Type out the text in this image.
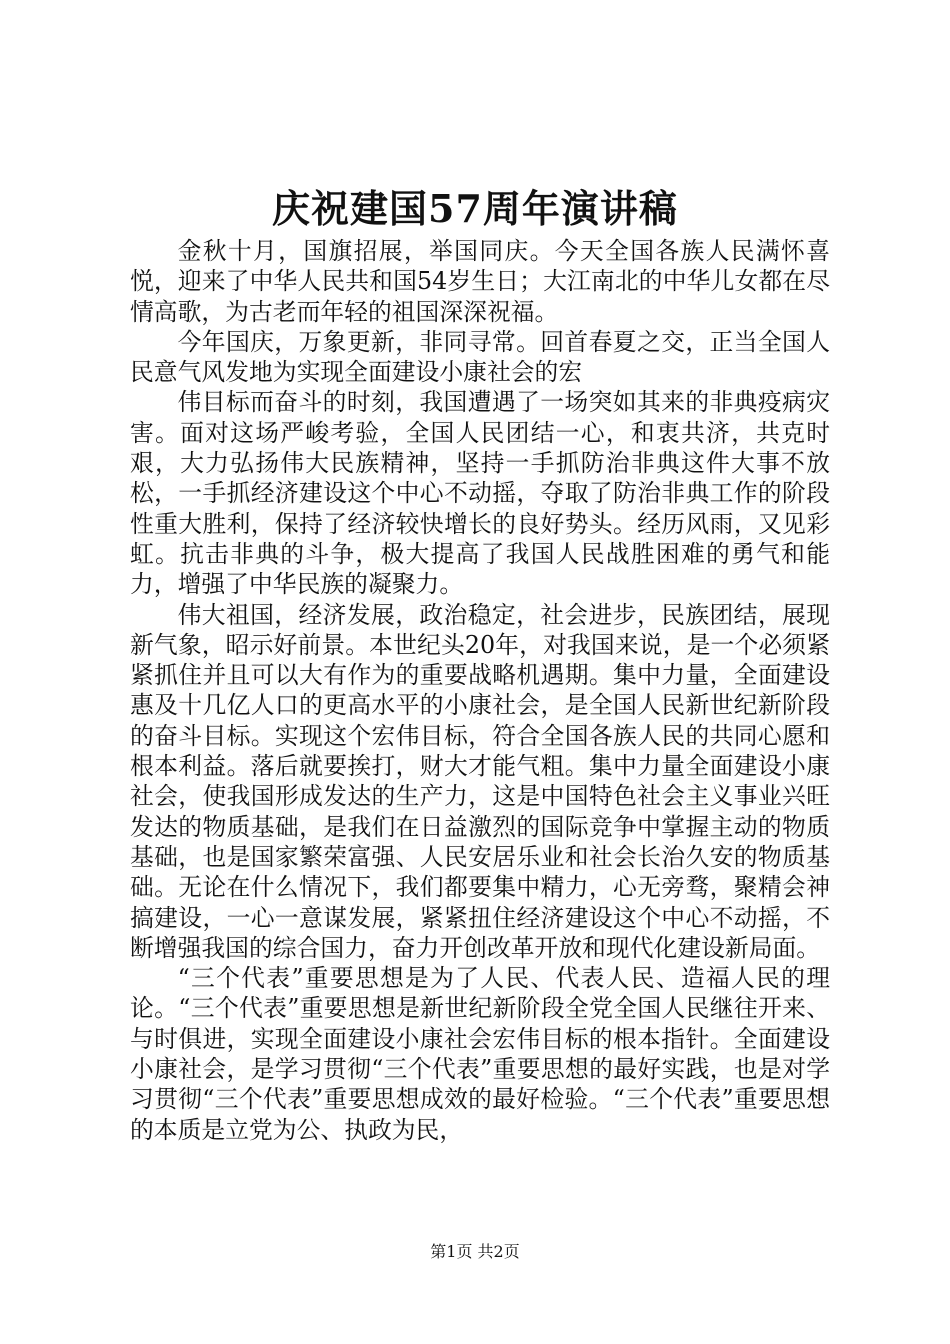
庆祝建国57周年演讲稿

金秋十月，国旗招展，举国同庆。今天全国各族人民满怀喜悦，迎来了中华人民共和国54岁生日；大江南北的中华儿女都在尽情高歌，为古老而年轻的祖国深深祝福。

今年国庆，万象更新，非同寻常。回首春夏之交，正当全国人民意气风发地为实现全面建设小康社会的宏

伟目标而奋斗的时刻，我国遭遇了一场突如其来的非典疫病灾害。面对这场严峻考验，全国人民团结一心，和衷共济，共克时艰，大力弘扬伟大民族精神，坚持一手抓防治非典这件大事不放松，一手抓经济建设这个中心不动摇，夺取了防治非典工作的阶段性重大胜利，保持了经济较快增长的良好势头。经历风雨，又见彩虹。抗击非典的斗争，极大提高了我国人民战胜困难的勇气和能力，增强了中华民族的凝聚力。

伟大祖国，经济发展，政治稳定，社会进步，民族团结，展现新气象，昭示好前景。本世纪头20年，对我国来说，是一个必须紧紧抓住并且可以大有作为的重要战略机遇期。集中力量，全面建设惠及十几亿人口的更高水平的小康社会，是全国人民新世纪新阶段的奋斗目标。实现这个宏伟目标，符合全国各族人民的共同心愿和根本利益。落后就要挨打，财大才能气粗。集中力量全面建设小康社会，使我国形成发达的生产力，这是中国特色社会主义事业兴旺发达的物质基础，是我们在日益激烈的国际竞争中掌握主动的物质基础，也是国家繁荣富强、人民安居乐业和社会长治久安的物质基础。无论在什么情况下，我们都要集中精力，心无旁骛，聚精会神搞建设，一心一意谋发展，紧紧扭住经济建设这个中心不动摇，不断增强我国的综合国力，奋力开创改革开放和现代化建设新局面。

“三个代表”重要思想是为了人民、代表人民、造福人民的理论。“三个代表”重要思想是新世纪新阶段全党全国人民继往开来、与时俱进，实现全面建设小康社会宏伟目标的根本指针。全面建设小康社会，是学习贯彻“三个代表”重要思想的最好实践，也是对学习贯彻“三个代表”重要思想成效的最好检验。“三个代表”重要思想的本质是立党为公、执政为民，

第1页 共2页
